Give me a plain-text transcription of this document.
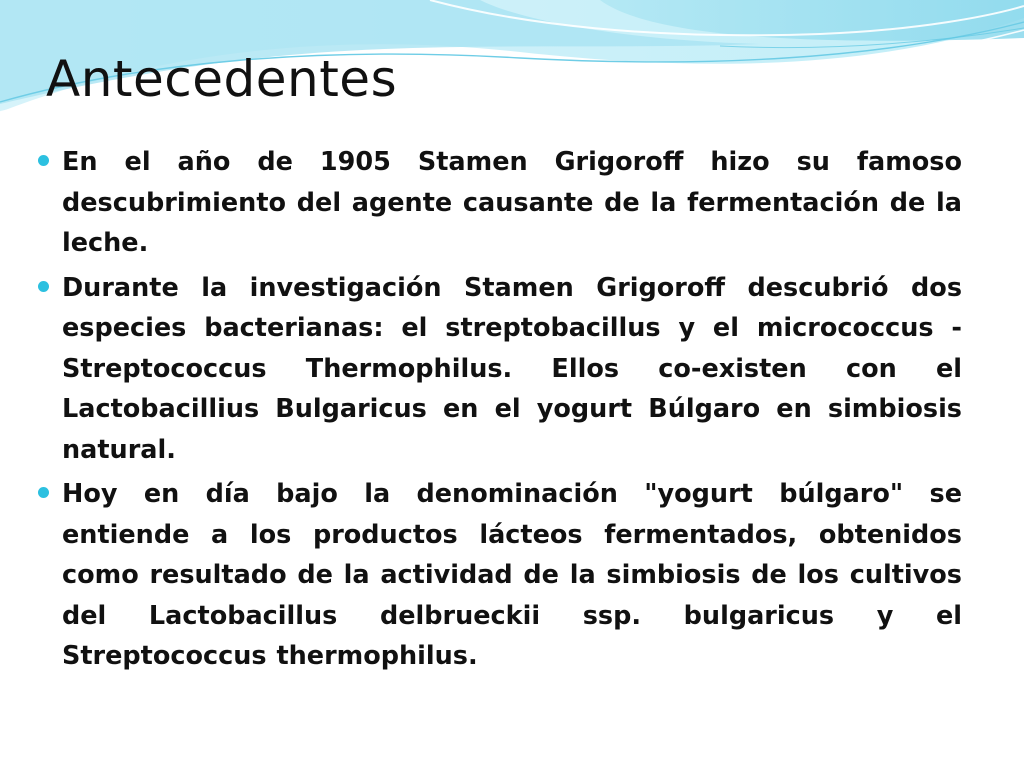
Antecedentes
En el año de 1905 Stamen Grigoroff hizo su famoso descubrimiento del agente causante de la fermentación de la leche.
Durante la investigación Stamen Grigoroff descubrió dos especies bacterianas: el streptobacillus y el micrococcus - Streptococcus Thermophilus. Ellos co-existen con el Lactobacillius Bulgaricus en el yogurt Búlgaro en simbiosis natural.
Hoy en día bajo la denominación "yogurt búlgaro" se entiende a los productos lácteos fermentados, obtenidos como resultado de la actividad de la simbiosis de los cultivos del Lactobacillus delbrueckii ssp. bulgaricus y el Streptococcus thermophilus.
